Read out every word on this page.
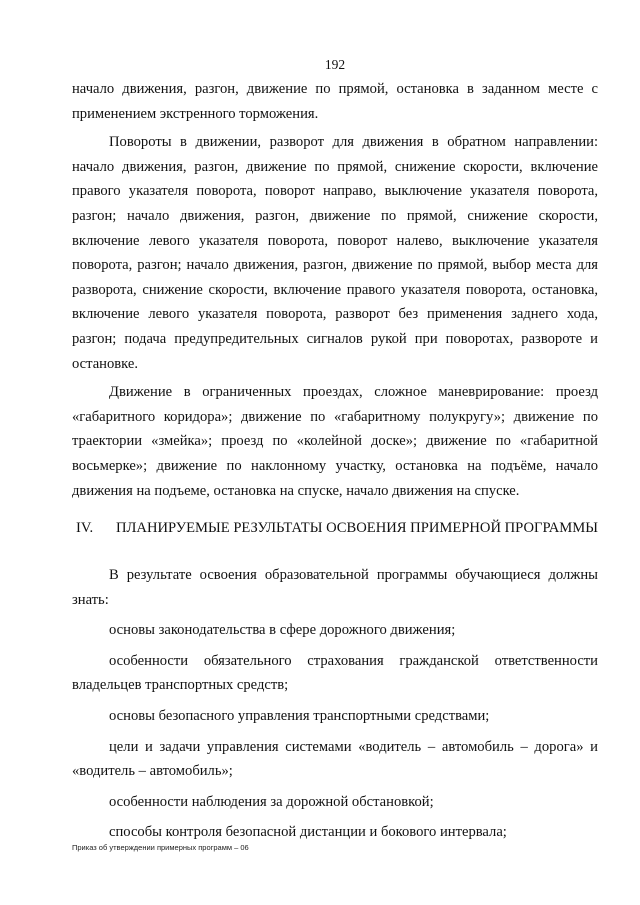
192

начало движения, разгон, движение по прямой, остановка в заданном месте с применением экстренного торможения.

Повороты в движении, разворот для движения в обратном направлении: начало движения, разгон, движение по прямой, снижение скорости, включение правого указателя поворота, поворот направо, выключение указателя поворота, разгон; начало движения, разгон, движение по прямой, снижение скорости, включение левого указателя поворота, поворот налево, выключение указателя поворота, разгон; начало движения, разгон, движение по прямой, выбор места для разворота, снижение скорости, включение правого указателя поворота, остановка, включение левого указателя поворота, разворот без применения заднего хода, разгон; подача предупредительных сигналов рукой при поворотах, развороте и остановке.

Движение в ограниченных проездах, сложное маневрирование: проезд «габаритного коридора»; движение по «габаритному полукругу»; движение по траектории «змейка»; проезд по «колейной доске»; движение по «габаритной восьмерке»; движение по наклонному участку, остановка на подъёме, начало движения на подъеме, остановка на спуске, начало движения на спуске.

IV. ПЛАНИРУЕМЫЕ РЕЗУЛЬТАТЫ ОСВОЕНИЯ ПРИМЕРНОЙ ПРОГРАММЫ

В результате освоения образовательной программы обучающиеся должны знать:

основы законодательства в сфере дорожного движения;

особенности обязательного страхования гражданской ответственности владельцев транспортных средств;

основы безопасного управления транспортными средствами;

цели и задачи управления системами «водитель – автомобиль – дорога» и «водитель – автомобиль»;

особенности наблюдения за дорожной обстановкой;

способы контроля безопасной дистанции и бокового интервала;

Приказ об утверждении примерных программ – 06
